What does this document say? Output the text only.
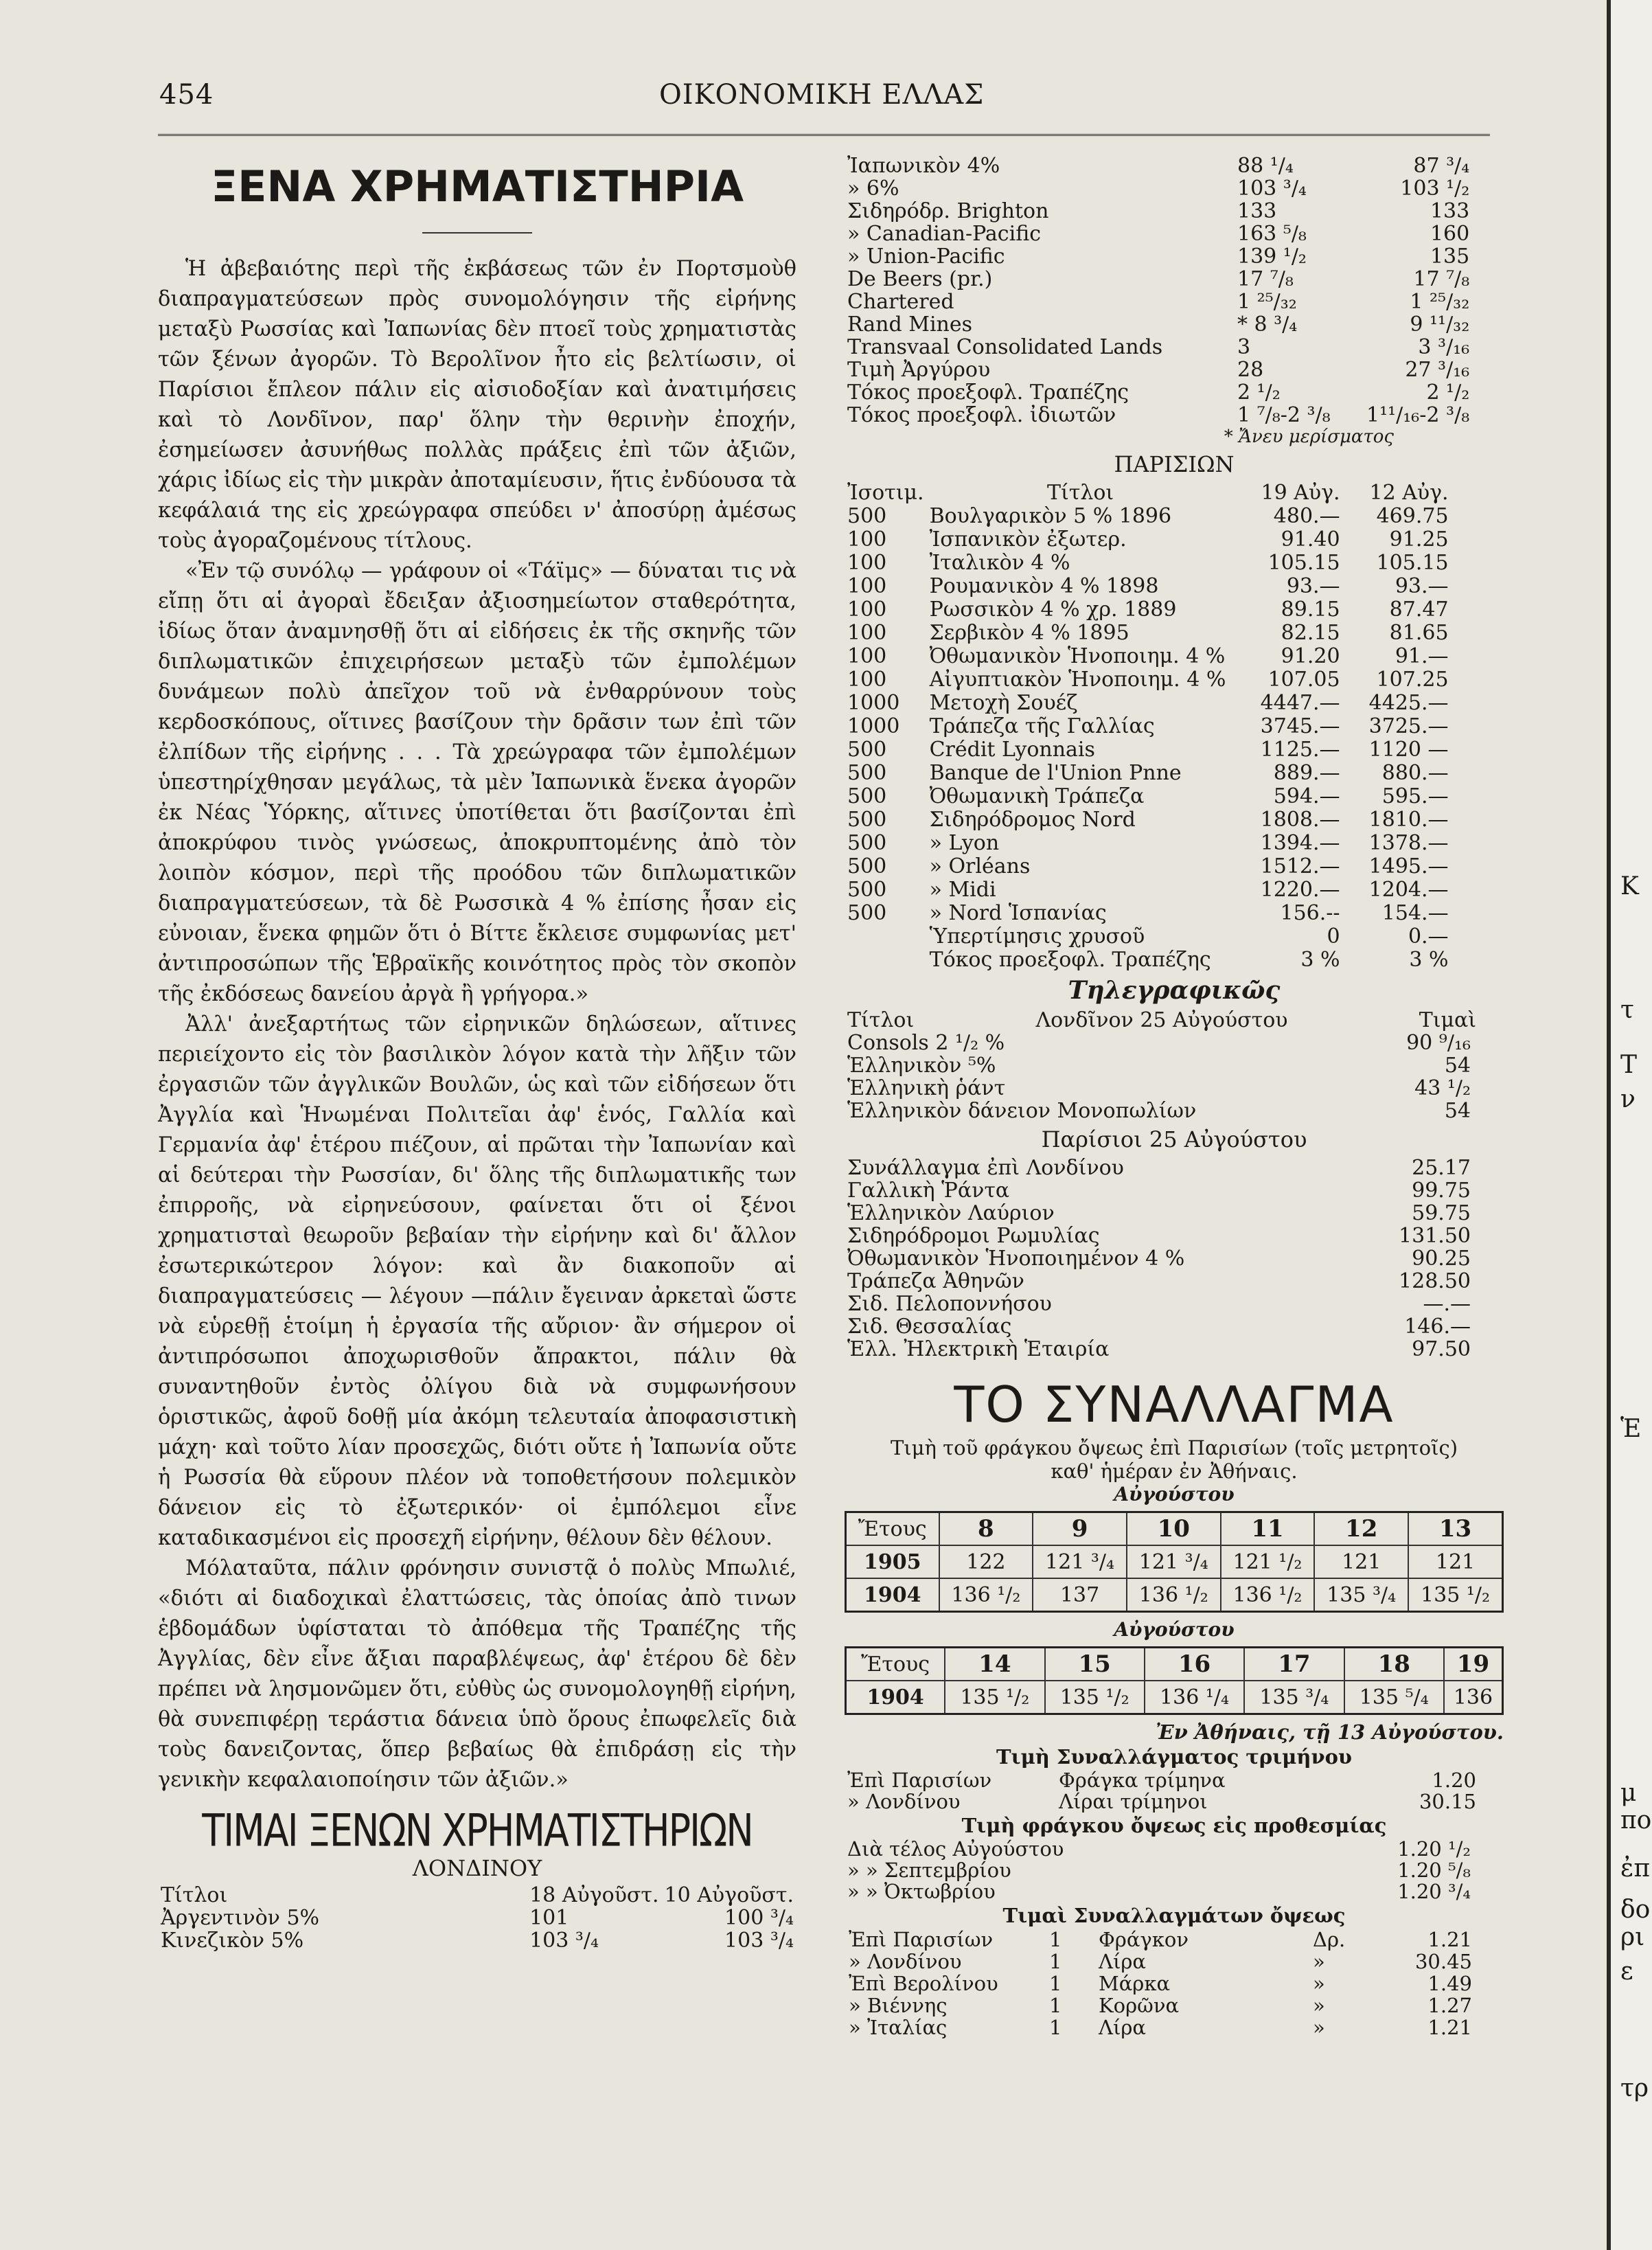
454	ΟΙΚΟΝΟΜΙΚΗ ΕΛΛΑΣ
ΞΕΝΑ ΧΡΗΜΑΤΙΣΤΗΡΙΑ

Ἡ ἀβεβαιότης περὶ τῆς ἐκβάσεως τῶν ἐν Πορτσμοὺθ διαπραγματεύσεων πρὸς συνομολόγησιν τῆς εἰρήνης μεταξὺ Ρωσσίας καὶ Ἰαπωνίας δὲν πτοεῖ τοὺς χρηματιστὰς τῶν ξένων ἀγορῶν. Τὸ Βερολῖνον ἦτο εἰς βελτίωσιν, οἱ Παρίσιοι ἔπλεον πάλιν εἰς αἰσιοδοξίαν καὶ ἀνατιμήσεις καὶ τὸ Λονδῖνον, παρ' ὅλην τὴν θερινὴν ἐποχήν, ἐσημείωσεν ἀσυνήθως πολλὰς πράξεις ἐπὶ τῶν ἀξιῶν, χάρις ἰδίως εἰς τὴν μικρὰν ἀποταμίευσιν, ἥτις ἐνδύουσα τὰ κεφάλαιά της εἰς χρεώγραφα σπεύδει ν' ἀποσύρῃ ἀμέσως τοὺς ἀγοραζομένους τίτλους.

«Ἐν τῷ συνόλῳ — γράφουν οἱ «Τάϊμς» — δύναται τις νὰ εἴπῃ ὅτι αἱ ἀγοραὶ ἔδειξαν ἀξιοσημείωτον σταθερότητα, ἰδίως ὅταν ἀναμνησθῇ ὅτι αἱ εἰδήσεις ἐκ τῆς σκηνῆς τῶν διπλωματικῶν ἐπιχειρήσεων μεταξὺ τῶν ἐμπολέμων δυνάμεων πολὺ ἀπεῖχον τοῦ νὰ ἐνθαρρύνουν τοὺς κερδοσκόπους, οἵτινες βασίζουν τὴν δρᾶσιν των ἐπὶ τῶν ἐλπίδων τῆς εἰρήνης . . . Τὰ χρεώγραφα τῶν ἐμπολέμων ὑπεστηρίχθησαν μεγάλως, τὰ μὲν Ἰαπωνικὰ ἕνεκα ἀγορῶν ἐκ Νέας Ὑόρκης, αἵτινες ὑποτίθεται ὅτι βασίζονται ἐπὶ ἀποκρύφου τινὸς γνώσεως, ἀποκρυπτομένης ἀπὸ τὸν λοιπὸν κόσμον, περὶ τῆς προόδου τῶν διπλωματικῶν διαπραγματεύσεων, τὰ δὲ Ρωσσικὰ 4 % ἐπίσης ἦσαν εἰς εὐνοιαν, ἕνεκα φημῶν ὅτι ὁ Βίττε ἔκλεισε συμφωνίας μετ' ἀντιπροσώπων τῆς Ἑβραϊκῆς κοινότητος πρὸς τὸν σκοπὸν τῆς ἐκδόσεως δανείου ἀργὰ ἢ γρήγορα.»

Ἀλλ' ἀνεξαρτήτως τῶν εἰρηνικῶν δηλώσεων, αἵτινες περιείχοντο εἰς τὸν βασιλικὸν λόγον κατὰ τὴν λῆξιν τῶν ἐργασιῶν τῶν ἀγγλικῶν Βουλῶν, ὡς καὶ τῶν εἰδήσεων ὅτι Ἀγγλία καὶ Ἡνωμέναι Πολιτεῖαι ἀφ' ἑνός, Γαλλία καὶ Γερμανία ἀφ' ἑτέρου πιέζουν, αἱ πρῶται τὴν Ἰαπωνίαν καὶ αἱ δεύτεραι τὴν Ρωσσίαν, δι' ὅλης τῆς διπλωματικῆς των ἐπιρροῆς, νὰ εἰρηνεύσουν, φαίνεται ὅτι οἱ ξένοι χρηματισταὶ θεωροῦν βεβαίαν τὴν εἰρήνην καὶ δι' ἄλλον ἐσωτερικώτερον λόγον: καὶ ἂν διακοποῦν αἱ διαπραγματεύσεις — λέγουν —πάλιν ἔγειναν ἀρκεταὶ ὥστε νὰ εὑρεθῇ ἑτοίμη ἡ ἐργασία τῆς αὔριον· ἂν σήμερον οἱ ἀντιπρόσωποι ἀποχωρισθοῦν ἄπρακτοι, πάλιν θὰ συναντηθοῦν ἐντὸς ὀλίγου διὰ νὰ συμφωνήσουν ὁριστικῶς, ἀφοῦ δοθῇ μία ἀκόμη τελευταία ἀποφασιστικὴ μάχη· καὶ τοῦτο λίαν προσεχῶς, διότι οὔτε ἡ Ἰαπωνία οὔτε ἡ Ρωσσία θὰ εὕρουν πλέον νὰ τοποθετήσουν πολεμικὸν δάνειον εἰς τὸ ἐξωτερικόν· οἱ ἐμπόλεμοι εἶνε καταδικασμένοι εἰς προσεχῆ εἰρήνην, θέλουν δὲν θέλουν.

Μόλαταῦτα, πάλιν φρόνησιν συνιστᾷ ὁ πολὺς Μπωλιέ, «διότι αἱ διαδοχικαὶ ἐλαττώσεις, τὰς ὁποίας ἀπὸ τινων ἑβδομάδων ὑφίσταται τὸ ἀπόθεμα τῆς Τραπέζης τῆς Ἀγγλίας, δὲν εἶνε ἄξιαι παραβλέψεως, ἀφ' ἑτέρου δὲ δὲν πρέπει νὰ λησμονῶμεν ὅτι, εὐθὺς ὡς συνομολογηθῇ εἰρήνη, θὰ συνεπιφέρῃ τεράστια δάνεια ὑπὸ ὅρους ἐπωφελεῖς διὰ τοὺς δανειζοντας, ὅπερ βεβαίως θὰ ἐπιδράσῃ εἰς τὴν γενικὴν κεφαλαιοποίησιν τῶν ἀξιῶν.»

ΤΙΜΑΙ ΞΕΝΩΝ ΧΡΗΜΑΤΙΣΤΗΡΙΩΝ
ΛΟΝΔΙΝΟΥ
Τίτλοι	18 Αὐγοῦστ.	10 Αὐγοῦστ.
Ἀργεντινὸν 5%	101	100 ³/₄
Κινεζικὸν 5%	103 ³/₄	103 ³/₄
Ἰαπωνικὸν 4%	88 ¹/₄	87 ³/₄
» 6%	103 ³/₄	103 ¹/₂
Σιδηρόδρ. Brighton	133	133
» Canadian-Pacific	163 ⁵/₈	160
» Union-Pacific	139 ¹/₂	135
De Beers (pr.)	17 ⁷/₈	17 ⁷/₈
Chartered	1 ²⁵/₃₂	1 ²⁵/₃₂
Rand Mines	* 8 ³/₄	9 ¹¹/₃₂
Transvaal Consolidated Lands	3	3 ³/₁₆
Τιμὴ Ἀργύρου	28	27 ³/₁₆
Τόκος προεξοφλ. Τραπέζης	2 ¹/₂	2 ¹/₂
Τόκος προεξοφλ. ἰδιωτῶν	1 ⁷/₈-2 ³/₈	1¹¹/₁₆-2 ³/₈
* Ἄνευ μερίσματος
ΠΑΡΙΣΙΩΝ
Ἰσοτιμ.	Τίτλοι	19 Αὐγ.	12 Αὐγ.
500	Βουλγαρικὸν 5 % 1896	480.—	469.75
100	Ἰσπανικὸν ἐξωτερ.	91.40	91.25
100	Ἰταλικὸν 4 %	105.15	105.15
100	Ρουμανικὸν 4 % 1898	93.—	93.—
100	Ρωσσικὸν 4 % χρ. 1889	89.15	87.47
100	Σερβικὸν 4 % 1895	82.15	81.65
100	Ὀθωμανικὸν Ἡνοποιημ. 4 %	91.20	91.—
100	Αἰγυπτιακὸν Ἡνοποιημ. 4 %	107.05	107.25
1000	Μετοχὴ Σουέζ	4447.—	4425.—
1000	Τράπεζα τῆς Γαλλίας	3745.—	3725.—
500	Crédit Lyonnais	1125.—	1120 —
500	Banque de l'Union Pnne	889.—	880.—
500	Ὀθωμανικὴ Τράπεζα	594.—	595.—
500	Σιδηρόδρομος Nord	1808.—	1810.—
500	» Lyon	1394.—	1378.—
500	» Orléans	1512.—	1495.—
500	» Midi	1220.—	1204.—
500	» Nord Ἱσπανίας	156.--	154.—
	Ὑπερτίμησις χρυσοῦ	0	0.—
	Τόκος προεξοφλ. Τραπέζης	3 %	3 %
Τηλεγραφικῶς
Τίτλοι	Λονδῖνον 25 Αὐγούστου	Τιμαὶ
Consols 2 ¹/₂ %	90 ⁹/₁₆
Ἑλληνικὸν ⁵%	54
Ἑλληνικὴ ῥάντ	43 ¹/₂
Ἑλληνικὸν δάνειον Μονοπωλίων	54
Παρίσιοι 25 Αὐγούστου
Συνάλλαγμα ἐπὶ Λονδίνου	25.17
Γαλλικὴ Ῥάντα	99.75
Ἑλληνικὸν Λαύριον	59.75
Σιδηρόδρομοι Ρωμυλίας	131.50
Ὀθωμανικὸν Ἡνοποιημένον 4 %	90.25
Τράπεζα Ἀθηνῶν	128.50
Σιδ. Πελοποννήσου	—.—
Σιδ. Θεσσαλίας	146.—
Ἑλλ. Ἠλεκτρικὴ Ἑταιρία	97.50
ΤΟ ΣΥΝΑΛΛΑΓΜΑ
Τιμὴ τοῦ φράγκου ὄψεως ἐπὶ Παρισίων (τοῖς μετρητοῖς)
καθ' ἡμέραν ἐν Ἀθήναις.
Αὐγούστου
Ἔτους	8	9	10	11	12	13
1905	122	121 ³/₄	121 ³/₄	121 ¹/₂	121	121
1904	136 ¹/₂	137	136 ¹/₂	136 ¹/₂	135 ³/₄	135 ¹/₂
Αὐγούστου
Ἔτους	14	15	16	17	18	19
1904	135 ¹/₂	135 ¹/₂	136 ¹/₄	135 ³/₄	135 ⁵/₄	136
Ἐν Ἀθήναις, τῇ 13 Αὐγούστου.
Τιμὴ Συναλλάγματος τριμήνου
Ἐπὶ Παρισίων	Φράγκα τρίμηνα	1.20
» Λονδίνου	Λίραι τρίμηνοι	30.15
Τιμὴ φράγκου ὄψεως εἰς προθεσμίας
Διὰ τέλος Αὐγούστου	1.20 ¹/₂
» » Σεπτεμβρίου	1.20 ⁵/₈
» » Ὀκτωβρίου	1.20 ³/₄
Τιμαὶ Συναλλαγμάτων ὄψεως
Ἐπὶ Παρισίων	1	Φράγκον	Δρ.	1.21
» Λονδίνου	1	Λίρα	»	30.45
Ἐπὶ Βερολίνου	1	Μάρκα	»	1.49
» Βιέννης	1	Κορῶνα	»	1.27
» Ἰταλίας	1	Λίρα	»	1.21
Κ
τ
T
ν
Ἑ
μ
πο
ἐπ
δο
ρι
ε
τρ
